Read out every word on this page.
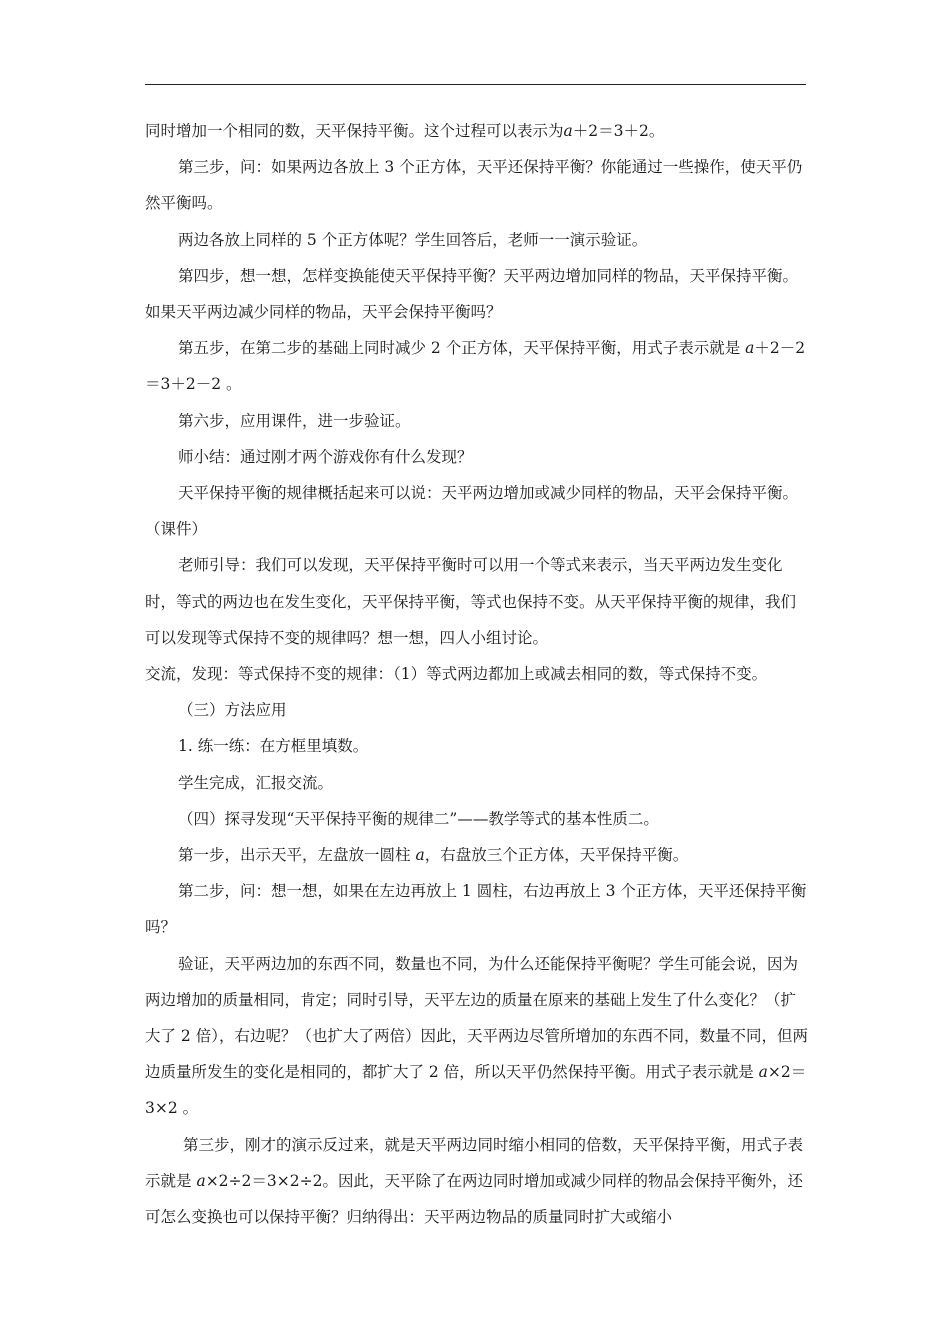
同时增加一个相同的数，天平保持平衡。这个过程可以表示为a＋2＝3＋2。

第三步，问：如果两边各放上 3 个正方体，天平还保持平衡？你能通过一些操作，使天平仍然平衡吗。

两边各放上同样的 5 个正方体呢？学生回答后，老师一一演示验证。

第四步，想一想，怎样变换能使天平保持平衡？天平两边增加同样的物品，天平保持平衡。如果天平两边减少同样的物品，天平会保持平衡吗？

第五步，在第二步的基础上同时减少 2 个正方体，天平保持平衡，用式子表示就是 a＋2－2＝3＋2－2 。

第六步，应用课件，进一步验证。

师小结：通过刚才两个游戏你有什么发现？

天平保持平衡的规律概括起来可以说：天平两边增加或减少同样的物品，天平会保持平衡。（课件）

老师引导：我们可以发现，天平保持平衡时可以用一个等式来表示，当天平两边发生变化时，等式的两边也在发生变化，天平保持平衡，等式也保持不变。从天平保持平衡的规律，我们可以发现等式保持不变的规律吗？想一想，四人小组讨论。

交流，发现：等式保持不变的规律：（1）等式两边都加上或减去相同的数，等式保持不变。

（三）方法应用

1. 练一练：在方框里填数。

学生完成，汇报交流。

（四）探寻发现“天平保持平衡的规律二”——教学等式的基本性质二。

第一步，出示天平，左盘放一圆柱 a，右盘放三个正方体，天平保持平衡。

第二步，问：想一想，如果在左边再放上 1 圆柱，右边再放上 3 个正方体，天平还保持平衡吗？

验证，天平两边加的东西不同，数量也不同，为什么还能保持平衡呢？学生可能会说，因为两边增加的质量相同，肯定；同时引导，天平左边的质量在原来的基础上发生了什么变化？（扩大了 2 倍），右边呢？（也扩大了两倍）因此，天平两边尽管所增加的东西不同，数量不同，但两边质量所发生的变化是相同的，都扩大了 2 倍，所以天平仍然保持平衡。用式子表示就是 a×2＝3×2 。

第三步，刚才的演示反过来，就是天平两边同时缩小相同的倍数，天平保持平衡，用式子表示就是 a×2÷2＝3×2÷2。因此，天平除了在两边同时增加或减少同样的物品会保持平衡外，还可怎么变换也可以保持平衡？归纳得出：天平两边物品的质量同时扩大或缩小
